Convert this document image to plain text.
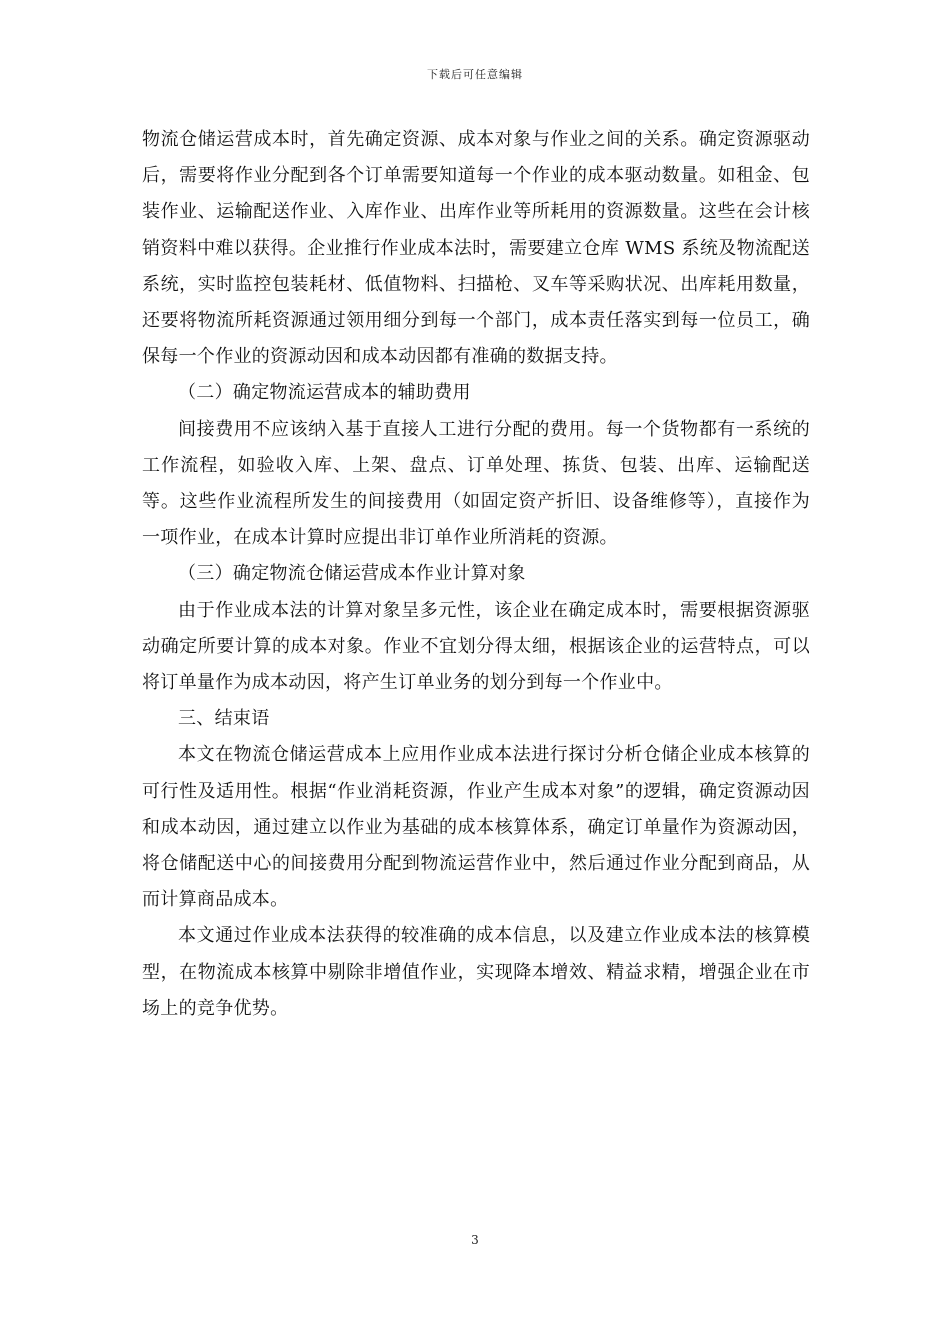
下载后可任意编辑

物流仓储运营成本时，首先确定资源、成本对象与作业之间的关系。确定资源驱动后，需要将作业分配到各个订单需要知道每一个作业的成本驱动数量。如租金、包装作业、运输配送作业、入库作业、出库作业等所耗用的资源数量。这些在会计核销资料中难以获得。企业推行作业成本法时，需要建立仓库 WMS 系统及物流配送系统，实时监控包装耗材、低值物料、扫描枪、叉车等采购状况、出库耗用数量，还要将物流所耗资源通过领用细分到每一个部门，成本责任落实到每一位员工，确保每一个作业的资源动因和成本动因都有准确的数据支持。

（二）确定物流运营成本的辅助费用

间接费用不应该纳入基于直接人工进行分配的费用。每一个货物都有一系统的工作流程，如验收入库、上架、盘点、订单处理、拣货、包装、出库、运输配送等。这些作业流程所发生的间接费用（如固定资产折旧、设备维修等），直接作为一项作业，在成本计算时应提出非订单作业所消耗的资源。

（三）确定物流仓储运营成本作业计算对象

由于作业成本法的计算对象呈多元性，该企业在确定成本时，需要根据资源驱动确定所要计算的成本对象。作业不宜划分得太细，根据该企业的运营特点，可以将订单量作为成本动因，将产生订单业务的划分到每一个作业中。

三、结束语

本文在物流仓储运营成本上应用作业成本法进行探讨分析仓储企业成本核算的可行性及适用性。根据“作业消耗资源，作业产生成本对象”的逻辑，确定资源动因和成本动因，通过建立以作业为基础的成本核算体系，确定订单量作为资源动因，将仓储配送中心的间接费用分配到物流运营作业中，然后通过作业分配到商品，从而计算商品成本。

本文通过作业成本法获得的较准确的成本信息，以及建立作业成本法的核算模型，在物流成本核算中剔除非增值作业，实现降本增效、精益求精，增强企业在市场上的竞争优势。

3
